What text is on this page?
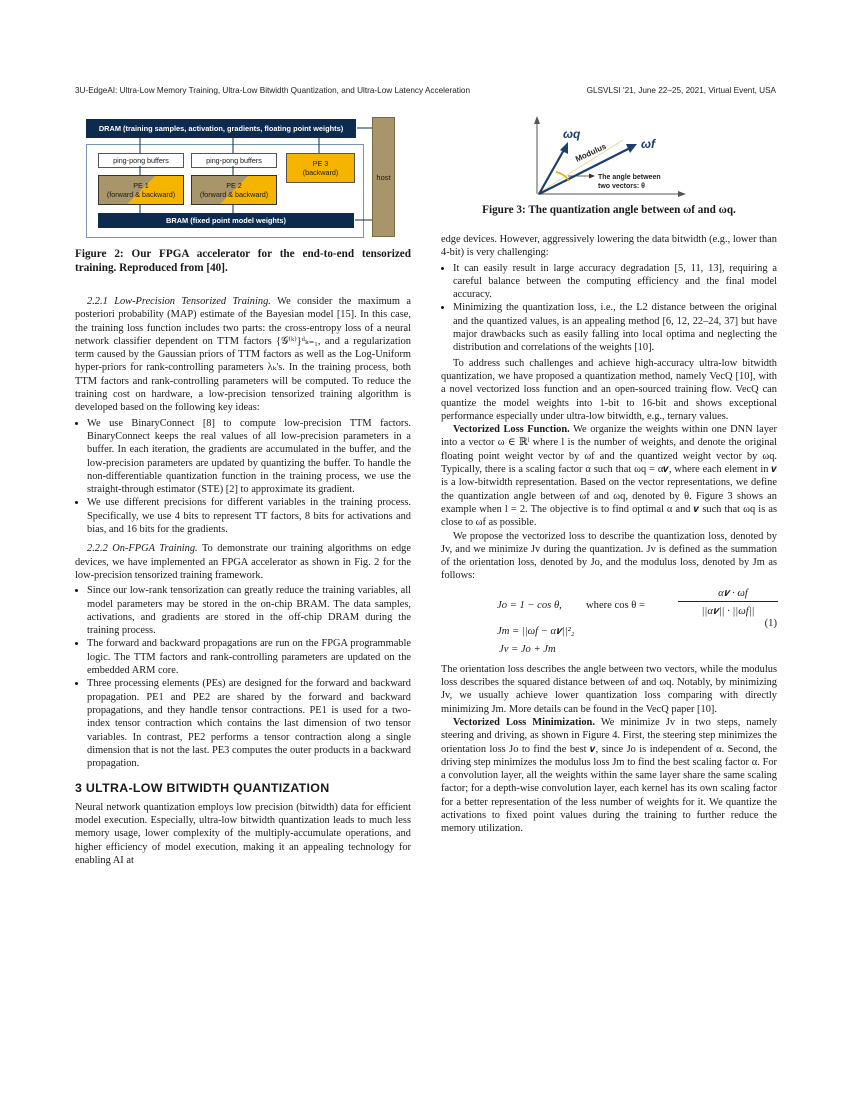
3U-EdgeAI: Ultra-Low Memory Training, Ultra-Low Bitwidth Quantization, and Ultra-Low Latency Acceleration	GLSVLSI '21, June 22–25, 2021, Virtual Event, USA
DRAM (training samples, activation, gradients, floating point weights)
ping-pong buffers	ping-pong buffers
PE 1
(forward & backward)
PE 2
(forward & backward)
PE 3
(backward)
BRAM (fixed point model weights)
host
Figure 2: Our FPGA accelerator for the end-to-end tensorized training. Reproduced from [40].

2.2.1 Low-Precision Tensorized Training. We consider the maximum a posteriori probability (MAP) estimate of the Bayesian model [15]. In this case, the training loss function includes two parts: the cross-entropy loss of a neural network classifier dependent on TTM factors {𝒢⁽ᵏ⁾}ᵈₖ₌₁, and a regularization term caused by the Gaussian priors of TTM factors as well as the Log-Uniform hyper-priors for rank-controlling parameters λₖ's. In the training process, both TTM factors and rank-controlling parameters will be computed. To reduce the training cost on hardware, a low-precision tensorized training algorithm is developed based on the following key ideas:

• We use BinaryConnect [8] to compute low-precision TTM factors. BinaryConnect keeps the real values of all low-precision parameters in a buffer. In each iteration, the gradients are accumulated in the buffer, and the low-precision parameters are updated by quantizing the buffer. To handle the non-differentiable quantization function in the training process, we use the straight-through estimator (STE) [2] to approximate its gradient.
• We use different precisions for different variables in the training process. Specifically, we use 4 bits to represent TT factors, 8 bits for activations and bias, and 16 bits for the gradients.

2.2.2 On-FPGA Training. To demonstrate our training algorithms on edge devices, we have implemented an FPGA accelerator as shown in Fig. 2 for the low-precision tensorized training framework.

• Since our low-rank tensorization can greatly reduce the training variables, all model parameters may be stored in the on-chip BRAM. The data samples, activations, and gradients are stored in the off-chip DRAM during the training process.
• The forward and backward propagations are run on the FPGA programmable logic. The TTM factors and rank-controlling parameters are updated on the embedded ARM core.
• Three processing elements (PEs) are designed for the forward and backward propagation. PE1 and PE2 are shared by the forward and backward propagations, and they handle tensor contractions. PE1 is used for a two-index tensor contraction which contains the last dimension of two tensor variables. In contrast, PE2 performs a tensor contraction along a single dimension that is not the last. PE3 computes the outer products in a backward propagation.
3 ULTRA-LOW BITWIDTH QUANTIZATION

Neural network quantization employs low precision (bitwidth) data for efficient model execution. Especially, ultra-low bitwidth quantization leads to much less memory usage, lower complexity of the multiply-accumulate operations, and higher efficiency of model execution, making it an appealing technology for enabling AI at

ωq
ωf
Modulus
The angle between
two vectors: θ
Figure 3: The quantization angle between ωf and ωq.

edge devices. However, aggressively lowering the data bitwidth (e.g., lower than 4-bit) is very challenging:

• It can easily result in large accuracy degradation [5, 11, 13], requiring a careful balance between the computing efficiency and the final model accuracy.
• Minimizing the quantization loss, i.e., the L2 distance between the original and the quantized values, is an appealing method [6, 12, 22–24, 37] but have major drawbacks such as easily falling into local optima and neglecting the distribution and correlations of the weights [10].

To address such challenges and achieve high-accuracy ultra-low bitwidth quantization, we have proposed a quantization method, namely VecQ [10], with a novel vectorized loss function and an open-sourced training flow. VecQ can quantize the model weights into 1-bit to 16-bit and shows exceptional performance especially under ultra-low bitwidth, e.g., ternary values.

Vectorized Loss Function. We organize the weights within one DNN layer into a vector ω ∈ ℝˡ where l is the number of weights, and denote the original floating point weight vector by ωf and the quantized weight vector by ωq. Typically, there is a scaling factor α such that ωq = α𝒗, where each element in 𝒗 is a low-bitwidth representation. Based on the vector representations, we define the quantization angle between ωf and ωq, denoted by θ. Figure 3 shows an example when l = 2. The objective is to find optimal α and 𝒗 such that ωq is as close to ωf as possible.

We propose the vectorized loss to describe the quantization loss, denoted by Jv, and we minimize Jv during the quantization. Jv is defined as the summation of the orientation loss, denoted by Jo, and the modulus loss, denoted by Jm as follows:

Jo = 1 − cos θ, where cos θ =
α𝒗 · ωf
||α𝒗|| · ||ωf||
(1)
Jm = ||ωf − α𝒗||²₂
Jv = Jo + Jm

The orientation loss describes the angle between two vectors, while the modulus loss describes the squared distance between ωf and ωq. Notably, by minimizing Jv, we usually achieve lower quantization loss comparing with directly minimizing Jm. More details can be found in the VecQ paper [10].

Vectorized Loss Minimization. We minimize Jv in two steps, namely steering and driving, as shown in Figure 4. First, the steering step minimizes the orientation loss Jo to find the best 𝒗, since Jo is independent of α. Second, the driving step minimizes the modulus loss Jm to find the best scaling factor α. For a convolution layer, all the weights within the same layer share the same scaling factor; for a depth-wise convolution layer, each kernel has its own scaling factor for a better representation of the less number of weights for it. We quantize the activations to fixed point values during the training to further reduce the memory utilization.
